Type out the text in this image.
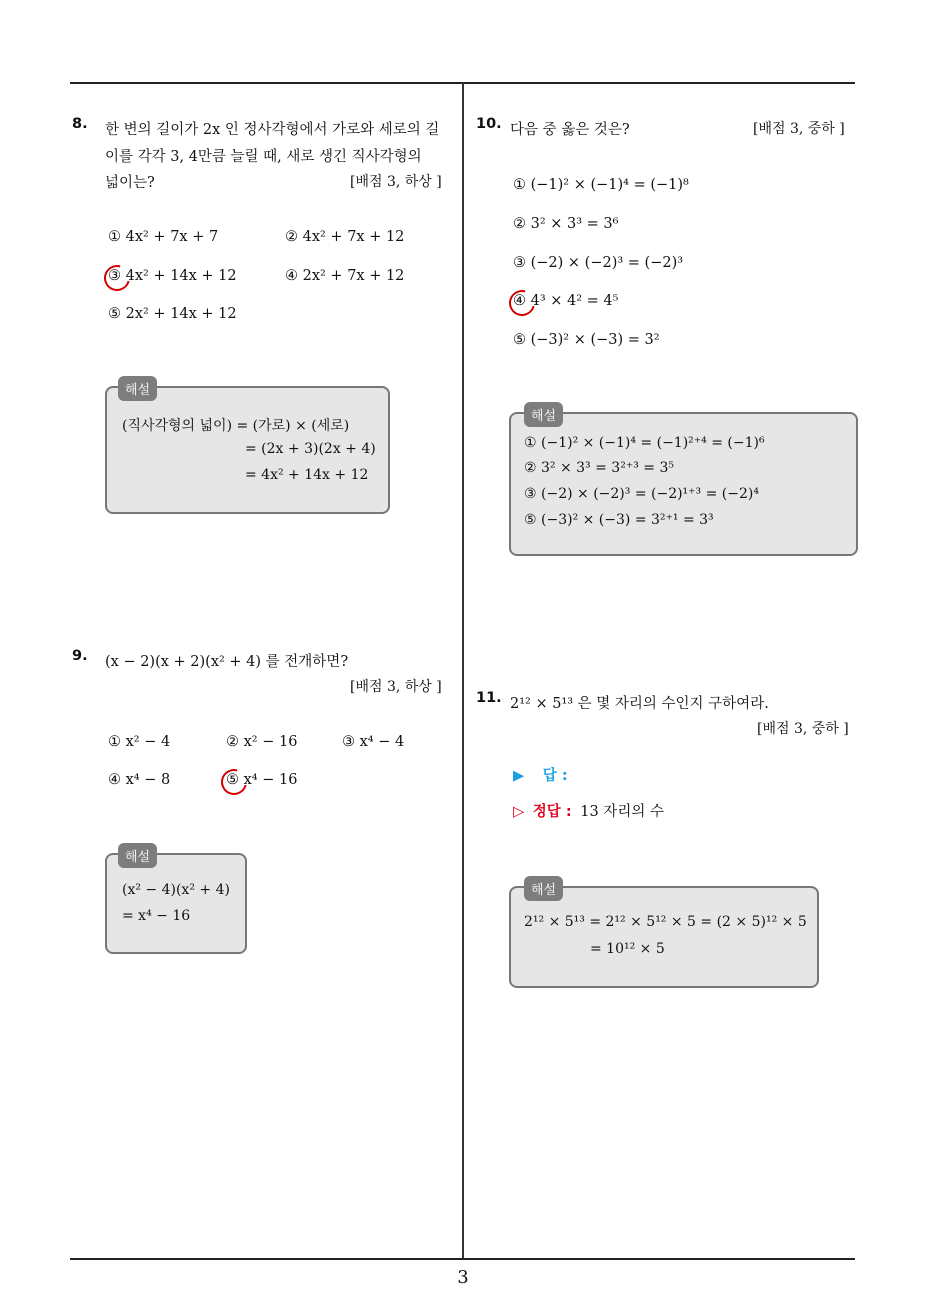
8. 한 변의 길이가 2x 인 정사각형에서 가로와 세로의 길
이를 각각 3, 4만큼 늘릴 때, 새로 생긴 직사각형의
넓이는?	[배점 3, 하상 ]
① 4x² + 7x + 7	② 4x² + 7x + 12
③ 4x² + 14x + 12	④ 2x² + 7x + 12
⑤ 2x² + 14x + 12
해설
(직사각형의 넓이) = (가로) × (세로)
= (2x + 3)(2x + 4)
= 4x² + 14x + 12
9. (x − 2)(x + 2)(x² + 4) 를 전개하면?
[배점 3, 하상 ]
① x² − 4	② x² − 16	③ x⁴ − 4
④ x⁴ − 8	⑤ x⁴ − 16
해설
(x² − 4)(x² + 4)
= x⁴ − 16
10. 다음 중 옳은 것은?	[배점 3, 중하 ]
① (−1)² × (−1)⁴ = (−1)⁸
② 3² × 3³ = 3⁶
③ (−2) × (−2)³ = (−2)³
④ 4³ × 4² = 4⁵
⑤ (−3)² × (−3) = 3²
해설
① (−1)² × (−1)⁴ = (−1)²⁺⁴ = (−1)⁶
② 3² × 3³ = 3²⁺³ = 3⁵
③ (−2) × (−2)³ = (−2)¹⁺³ = (−2)⁴
⑤ (−3)² × (−3) = 3²⁺¹ = 3³
11. 2¹² × 5¹³ 은 몇 자리의 수인지 구하여라.
[배점 3, 중하 ]
▶ 답 :
▷ 정답 : 13 자리의 수
해설
2¹² × 5¹³ = 2¹² × 5¹² × 5 = (2 × 5)¹² × 5
= 10¹² × 5
3
